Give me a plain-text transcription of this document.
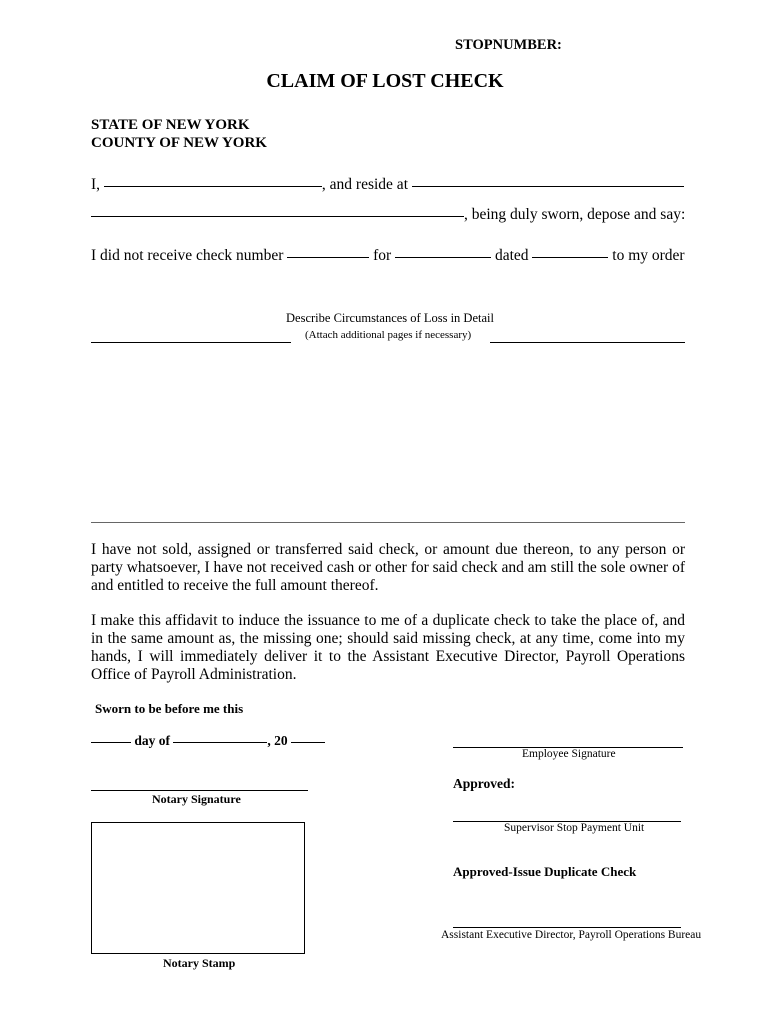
STOPNUMBER:
CLAIM OF LOST CHECK
STATE OF NEW YORK
COUNTY OF NEW YORK
I,	, and reside at
, being duly sworn, depose and say:
I did not receive check number	for	dated	to my order
Describe Circumstances of Loss in Detail
(Attach additional pages if necessary)
I have not sold, assigned or transferred said check, or amount due thereon, to any person or party whatsoever, I have not received cash or other for said check and am still the sole owner of and entitled to receive the full amount thereof.
I make this affidavit to induce the issuance to me of a duplicate check to take the place of, and in the same amount as, the missing one; should said missing check, at any time, come into my hands, I will immediately deliver it to the Assistant Executive Director, Payroll Operations Office of Payroll Administration.
Sworn to be before me this
day of	, 20
Notary Signature
Notary Stamp
Employee Signature
Approved:
Supervisor Stop Payment Unit
Approved-Issue Duplicate Check
Assistant Executive Director, Payroll Operations Bureau
